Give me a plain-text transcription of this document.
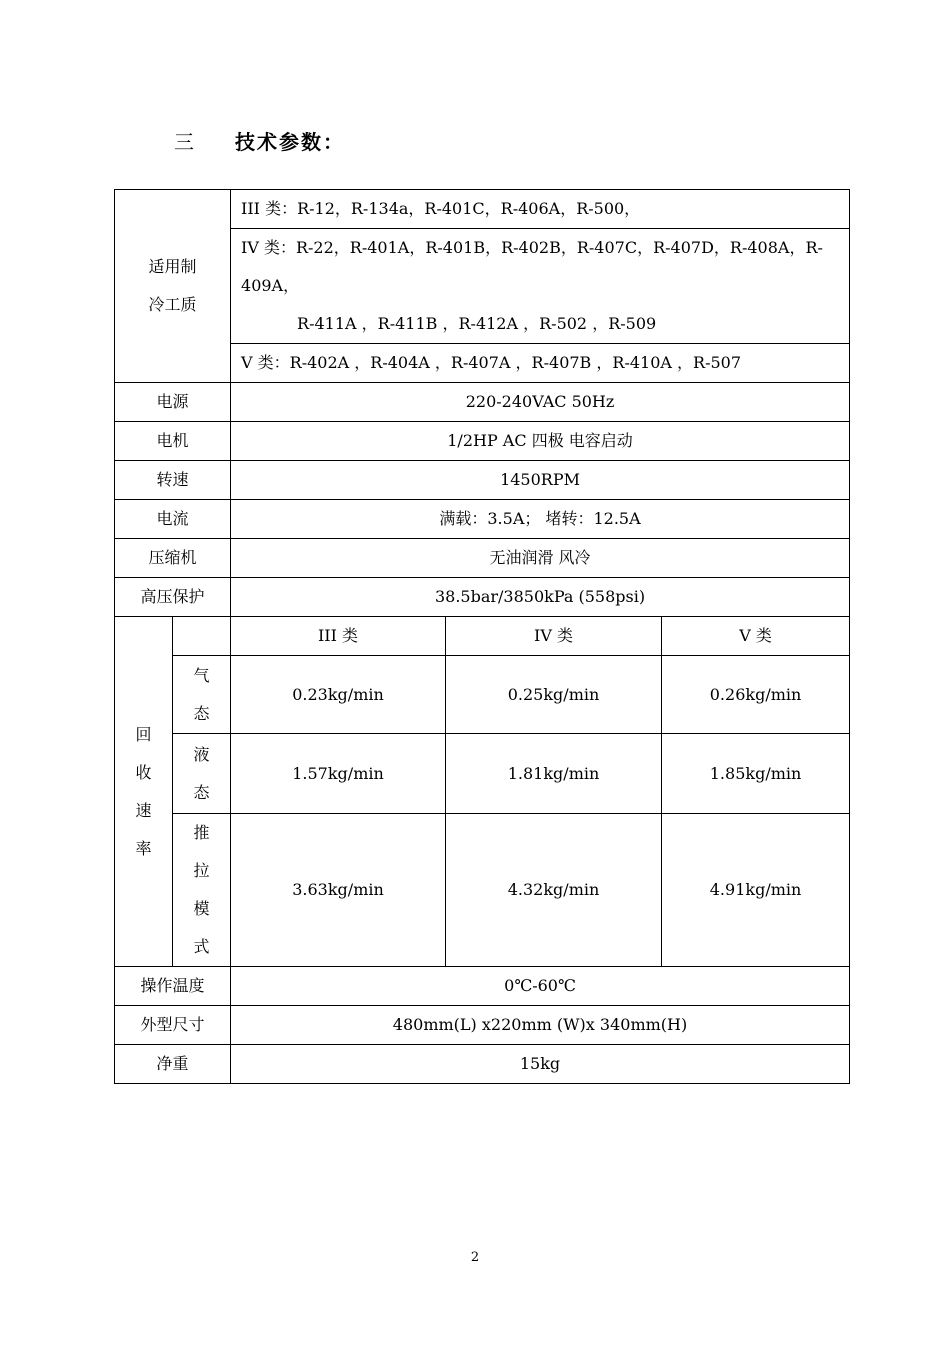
三 技术参数：
适用制
冷工质		III 类：R-12，R-134a，R-401C，R-406A，R-500，		

		IV 类：R-22，R-401A，R-401B，R-402B，R-407C，R-407D，R-408A，R-409A，
R-411A ，R-411B ，R-412A ，R-502 ，R-509		

		V 类：R-402A ，R-404A ，R-407A ，R-407B ，R-410A ，R-507		
电源		220-240VAC 50Hz		
电机		1/2HP AC 四极 电容启动		
转速		1450RPM		
电流		满载：3.5A； 堵转：12.5A		
压缩机		无油润滑 风冷		
高压保护		38.5bar/3850kPa (558psi)		

回
收
速
率		III 类	IV 类	V 类

	气
态	0.23kg/min	0.25kg/min	0.26kg/min

	液
态	1.57kg/min	1.81kg/min	1.85kg/min

	推
拉
模
式	3.63kg/min	4.32kg/min	4.91kg/min
操作温度		0℃-60℃		
外型尺寸		480mm(L) x220mm (W)x 340mm(H)		
净重		15kg		
2
